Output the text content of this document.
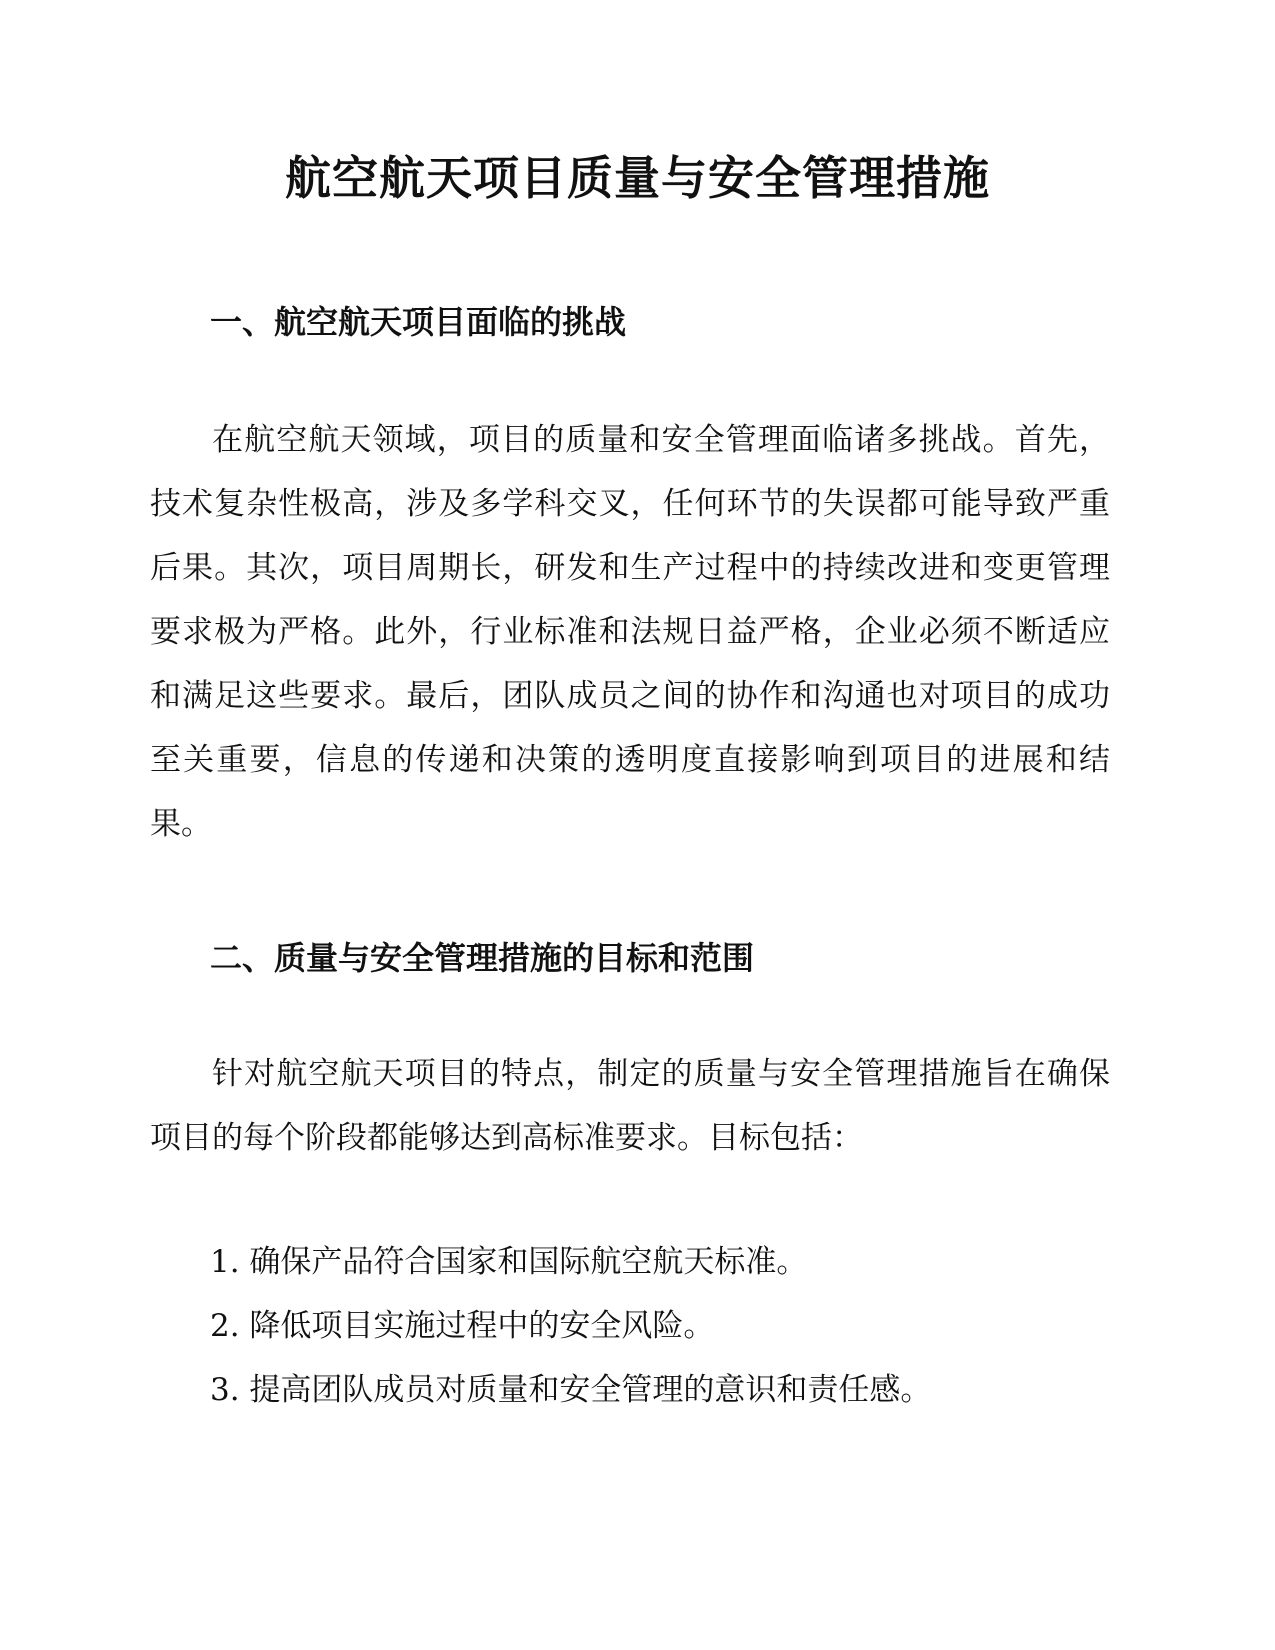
航空航天项目质量与安全管理措施
一、航空航天项目面临的挑战

在航空航天领域，项目的质量和安全管理面临诸多挑战。首先，技术复杂性极高，涉及多学科交叉，任何环节的失误都可能导致严重后果。其次，项目周期长，研发和生产过程中的持续改进和变更管理要求极为严格。此外，行业标准和法规日益严格，企业必须不断适应和满足这些要求。最后，团队成员之间的协作和沟通也对项目的成功至关重要，信息的传递和决策的透明度直接影响到项目的进展和结果。

二、质量与安全管理措施的目标和范围

针对航空航天项目的特点，制定的质量与安全管理措施旨在确保项目的每个阶段都能够达到高标准要求。目标包括：

1. 确保产品符合国家和国际航空航天标准。
2. 降低项目实施过程中的安全风险。
3. 提高团队成员对质量和安全管理的意识和责任感。
